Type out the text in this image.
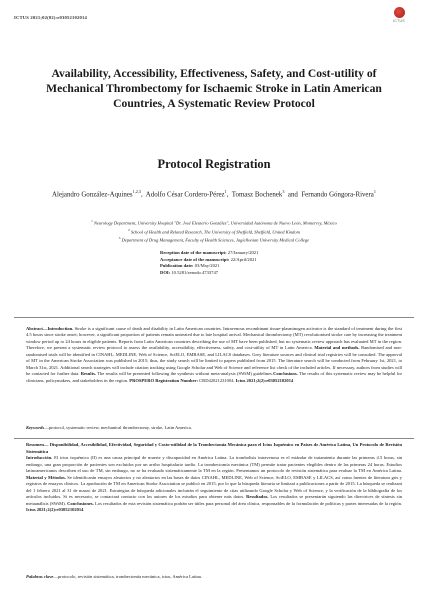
ICTUS 2021;02(02):e03052102014
ICTUS
Availability, Accessibility, Effectiveness, Safety, and Cost-utility of Mechanical Thrombectomy for Ischaemic Stroke in Latin American Countries, A Systematic Review Protocol
Protocol Registration
Alejandro González-Aquines$^{1,2,3}$,  Adolfo César Cordero-Pérez$^1$,  Tomasz Bochenek$^3$ and Fernando Góngora-Rivera$^1$
$^1$ Neurology Department, University Hospital "Dr. José Eleuterio González", Universidad Autónoma de Nuevo León, Monterrey, México
$^2$ School of Health and Related Research, The University of Sheffield, Sheffield, United Kindom
$^3$ Department of Drug Management, Faculty of Health Sciences, Jagiellonian University Medical College
Reception date of the manuscript: 27/January/2021
Acceptance date of the manuscript: 22/April/2021
Publication date: 03/May/2021
DOI: 10.5281/zenodo.4733747
Abstract—Introduction. Stroke is a significant cause of death and disability in Latin American countries. Intravenous recombinant tissue-plasminogen activator is the standard of treatment during the first 4.5 hours since stroke onset; however, a significant proportion of patients remain untreated due to late hospital arrival. Mechanical thrombectomy (MT) revolutionised stroke care by increasing the treatment window period up to 24 hours in eligible patients. Reports from Latin American countries describing the use of MT have been published, but no systematic review approach has evaluated MT in the region. Therefore, we present a systematic review protocol to assess the availability, accessibility, effectiveness, safety, and cost-utility of MT in Latin America. Material and methods. Randomised and non-randomised trials will be identified in CINAHL, MEDLINE, Web of Science, SciELO, EMBASE, and LILACS databases. Grey literature sources and clinical trial registries will be consulted. The approval of MT in the American Stroke Association was published in 2015; thus, the study search will be limited to papers published from 2015. The literature search will be conducted from February 1st, 2021, to March 31st, 2021. Additional search strategies will include citation tracking using Google Scholar and Web of Science and reference list check of the included articles. If necessary, authors from studies will be contacted for further data. Results. The results will be presented following the synthesis without meta-analysis (SWiM) guidelines.Conclusions. The results of this systematic review may be helpful for clinicians, policymakers, and stakeholders in the region. PROSPERO Registration Number: CRD42021231004. Ictus 2021;2(2):e03052102014
Keywords—protocol, systematic review, mechanical thrombectomy, stroke, Latin America.
Resumen— Disponibilidad, Accesibilidad, Efectividad, Seguridad y Costo-utilidad de la Trombectomía Mecánica para el Ictus Isquémico en Países de América Latina, Un Protocolo de Revisión Sistemática
Introducción. El ictus isquémico (II) es una causa principal de muerte y discapacidad en América Latina. La trombolisis intravenosa es el estándar de tratamiento durante las primeras 4.5 horas, sin embargo, una gran proporción de pacientes son excluidos por un arribo hospitalario tardío. La trombectomía mecánica (TM) permite tratar pacientes elegibles dentro de las primeras 24 horas. Estudios latinoamericanos describen el uso de TM, sin embargo, no se ha evaluado sistemáticamente la TM en la región. Presentamos un protocolo de revisión sistemática para evaluar la TM en América Latina. Material y Métodos. Se identificarán ensayos aleatorios y no aleatorios en las bases de datos CINAHL, MEDLINE, Web of Science, SciELO, EMBASE y LILACS, así como fuentes de literatura gris y registros de ensayos clínicos. La aprobación de TM en American Stroke Association se publicó en 2015, por lo que la búsqueda literaria se limitará a publicaciones a partir de 2015. La búsqueda se realizará del 1 febrero 2021 al 31 de marzo de 2021. Estrategias de búsqueda adicionales incluirán el seguimiento de citas utilizando Google Scholar y Web of Science, y la verificación de la bibliografía de los artículos incluidos. Si es necesario, se contactará contacto con los autores de los estudios para obtener más datos. Resultados. Los resultados se presentarán siguiendo las directrices de síntesis sin metaanálisis (SWiM). Conclusiones. Los resultados de esta revisión sistemática podrán ser útiles para personal del área clínica, responsables de la formulación de políticas y partes interesadas de la región. Ictus 2021;2(2):e03052102014
Palabras clave—protocolo, revisión sistemática, trombectomía mecánica, ictus, América Latina.
